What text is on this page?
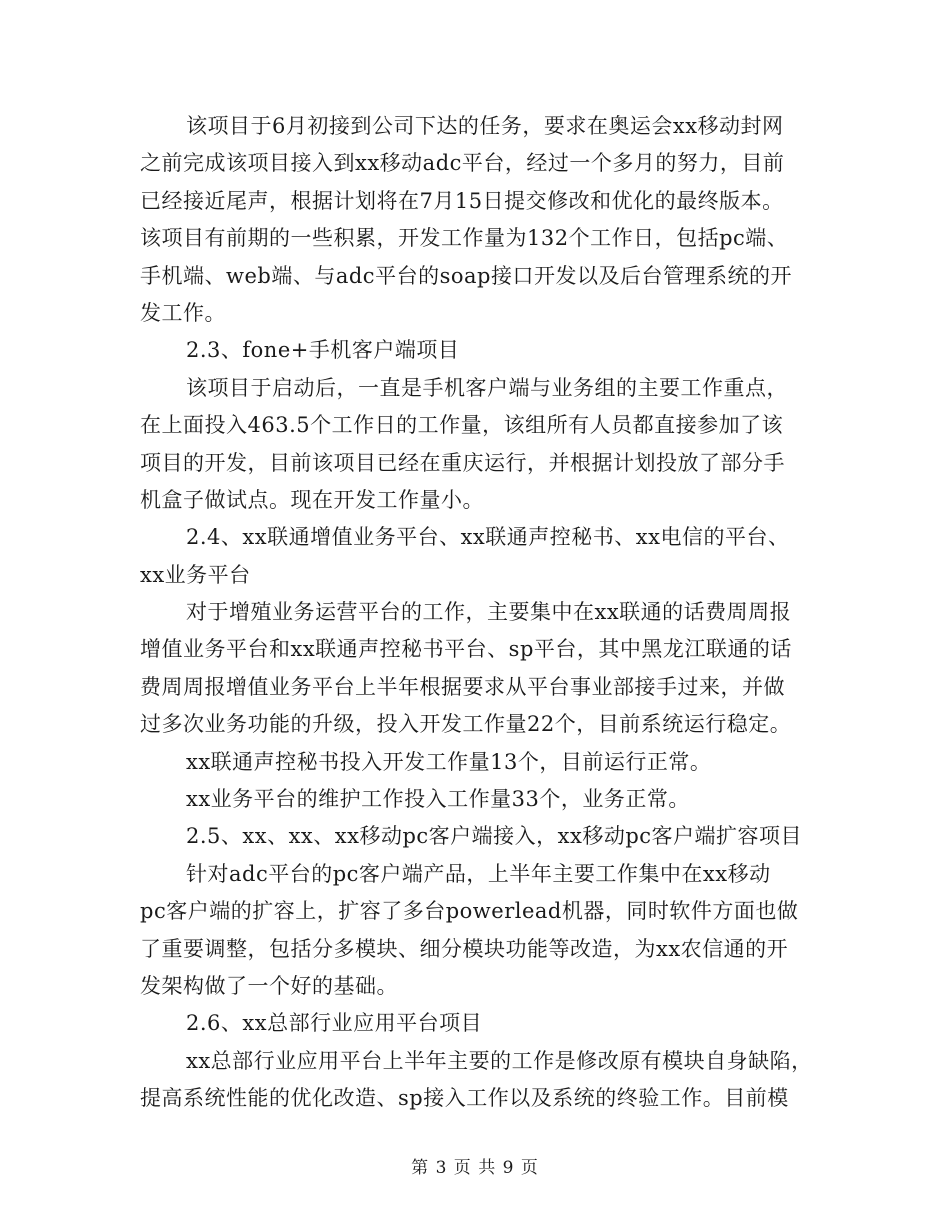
该项目于6月初接到公司下达的任务，要求在奥运会xx移动封网
之前完成该项目接入到xx移动adc平台，经过一个多月的努力，目前
已经接近尾声，根据计划将在7月15日提交修改和优化的最终版本。
该项目有前期的一些积累，开发工作量为132个工作日，包括pc端、
手机端、web端、与adc平台的soap接口开发以及后台管理系统的开
发工作。
2.3、fone+手机客户端项目
该项目于启动后，一直是手机客户端与业务组的主要工作重点，
在上面投入463.5个工作日的工作量，该组所有人员都直接参加了该
项目的开发，目前该项目已经在重庆运行，并根据计划投放了部分手
机盒子做试点。现在开发工作量小。
2.4、xx联通增值业务平台、xx联通声控秘书、xx电信的平台、
xx业务平台
对于增殖业务运营平台的工作，主要集中在xx联通的话费周周报
增值业务平台和xx联通声控秘书平台、sp平台，其中黑龙江联通的话
费周周报增值业务平台上半年根据要求从平台事业部接手过来，并做
过多次业务功能的升级，投入开发工作量22个，目前系统运行稳定。
xx联通声控秘书投入开发工作量13个，目前运行正常。
xx业务平台的维护工作投入工作量33个，业务正常。
2.5、xx、xx、xx移动pc客户端接入，xx移动pc客户端扩容项目
针对adc平台的pc客户端产品，上半年主要工作集中在xx移动
pc客户端的扩容上，扩容了多台powerlead机器，同时软件方面也做
了重要调整，包括分多模块、细分模块功能等改造，为xx农信通的开
发架构做了一个好的基础。
2.6、xx总部行业应用平台项目
xx总部行业应用平台上半年主要的工作是修改原有模块自身缺陷，
提高系统性能的优化改造、sp接入工作以及系统的终验工作。目前模
第 3 页 共 9 页
